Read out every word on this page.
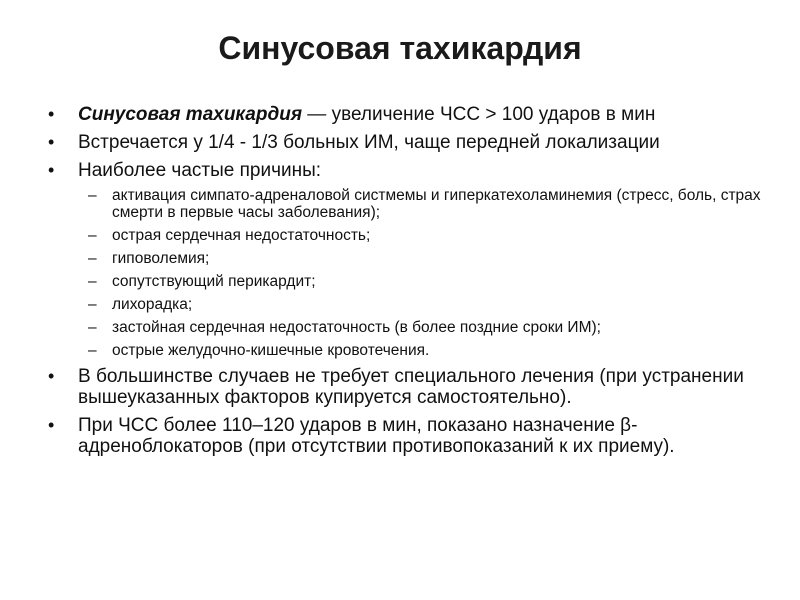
Синусовая тахикардия
• Синусовая тахикардия — увеличение ЧСС > 100 ударов в мин
• Встречается у 1/4 - 1/3 больных ИМ, чаще передней локализации
• Наиболее частые причины:
– активация симпато-адреналовой систмемы и гиперкатехоламинемия (стресс, боль, страх смерти в первые часы заболевания);
– острая сердечная недостаточность;
– гиповолемия;
– сопутствующий перикардит;
– лихорадка;
– застойная сердечная недостаточность (в более поздние сроки ИМ);
– острые желудочно-кишечные кровотечения.
• В большинстве случаев не требует специального лечения (при устранении вышеуказанных факторов купируется самостоятельно).
• При ЧСС более 110–120 ударов в мин, показано назначение β-адреноблокаторов (при отсутствии противопоказаний к их приему).
